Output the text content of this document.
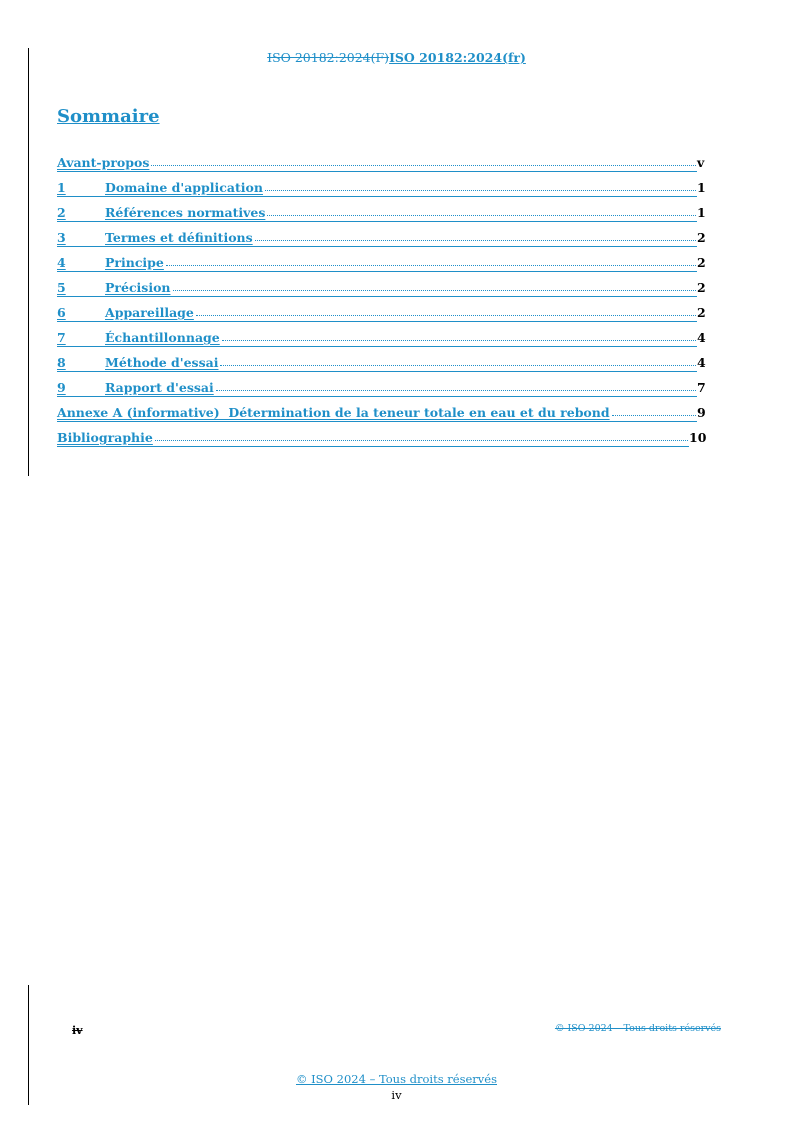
ISO 20182:2024(F)ISO 20182:2024(fr)
Sommaire
Avant-propos	v
1	Domaine d'application	1
2	Références normatives	1
3	Termes et définitions	2
4	Principe	2
5	Précision	2
6	Appareillage	2
7	Échantillonnage	4
8	Méthode d'essai	4
9	Rapport d'essai	7
Annexe A (informative)  Détermination de la teneur totale en eau et du rebond	9
Bibliographie	10
iv	© ISO 2024 – Tous droits réservés
© ISO 2024 – Tous droits réservés
iv
